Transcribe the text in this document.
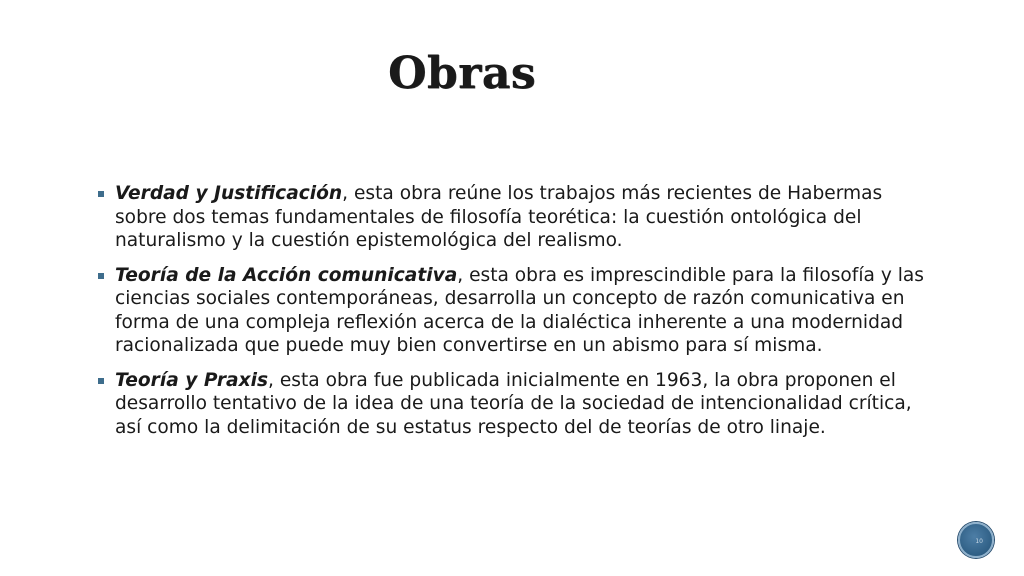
Obras
Verdad y Justificación, esta obra reúne los trabajos más recientes de Habermas sobre dos temas fundamentales de filosofía teorética: la cuestión ontológica del naturalismo y la cuestión epistemológica del realismo.
Teoría de la Acción comunicativa, esta obra es imprescindible para la filosofía y las ciencias sociales contemporáneas, desarrolla un concepto de razón comunicativa en forma de una compleja reflexión acerca de la dialéctica inherente a una modernidad racionalizada que puede muy bien convertirse en un abismo para sí misma.
Teoría y Praxis, esta obra fue publicada inicialmente en 1963, la obra proponen el desarrollo tentativo de la idea de una teoría de la sociedad de intencionalidad crítica, así como la delimitación de su estatus respecto del de teorías de otro linaje.
10
